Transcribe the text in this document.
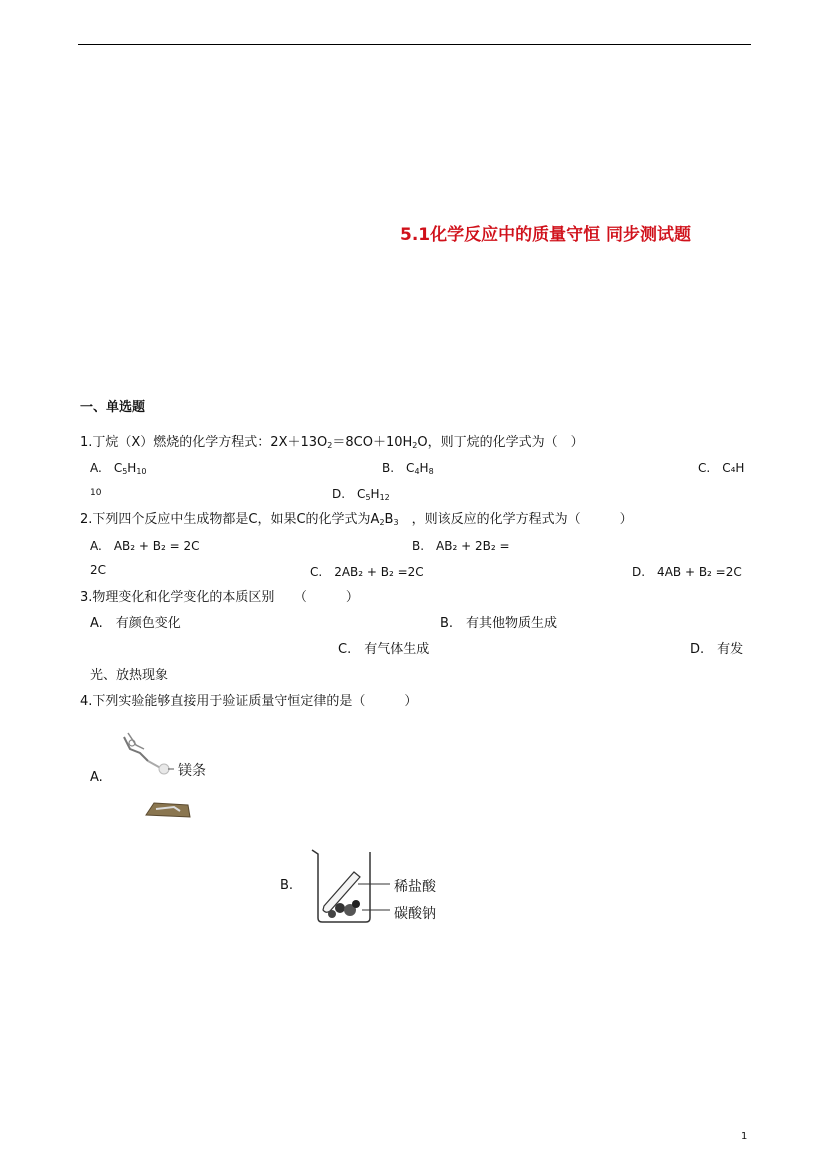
5.1化学反应中的质量守恒 同步测试题
一、单选题
1.丁烷（X）燃烧的化学方程式：$2X+13O_2=8CO+10H_2O$，则丁烷的化学式为（　）
A.　$C_5H_{10}$	B.　$C_4H_8$	C.　C₄H
10	D.　$C_5H_{12}$
2.下列四个反应中生成物都是C，如果C的化学式为$A_2B_3$　，则该反应的化学方程式为（　　　）
A.　AB₂ + B₂ = 2C	B.　AB₂ + 2B₂ =
2C	C.　2AB₂ + B₂ =2C	D.　4AB + B₂ =2C
3.物理变化和化学变化的本质区别　　（　　　）
A.　有颜色变化	B.　有其他物质生成
C.　有气体生成	D.　有发
光、放热现象
4.下列实验能够直接用于验证质量守恒定律的是（　　　）
A.	镁条
B.	稀盐酸
碳酸钠
1
